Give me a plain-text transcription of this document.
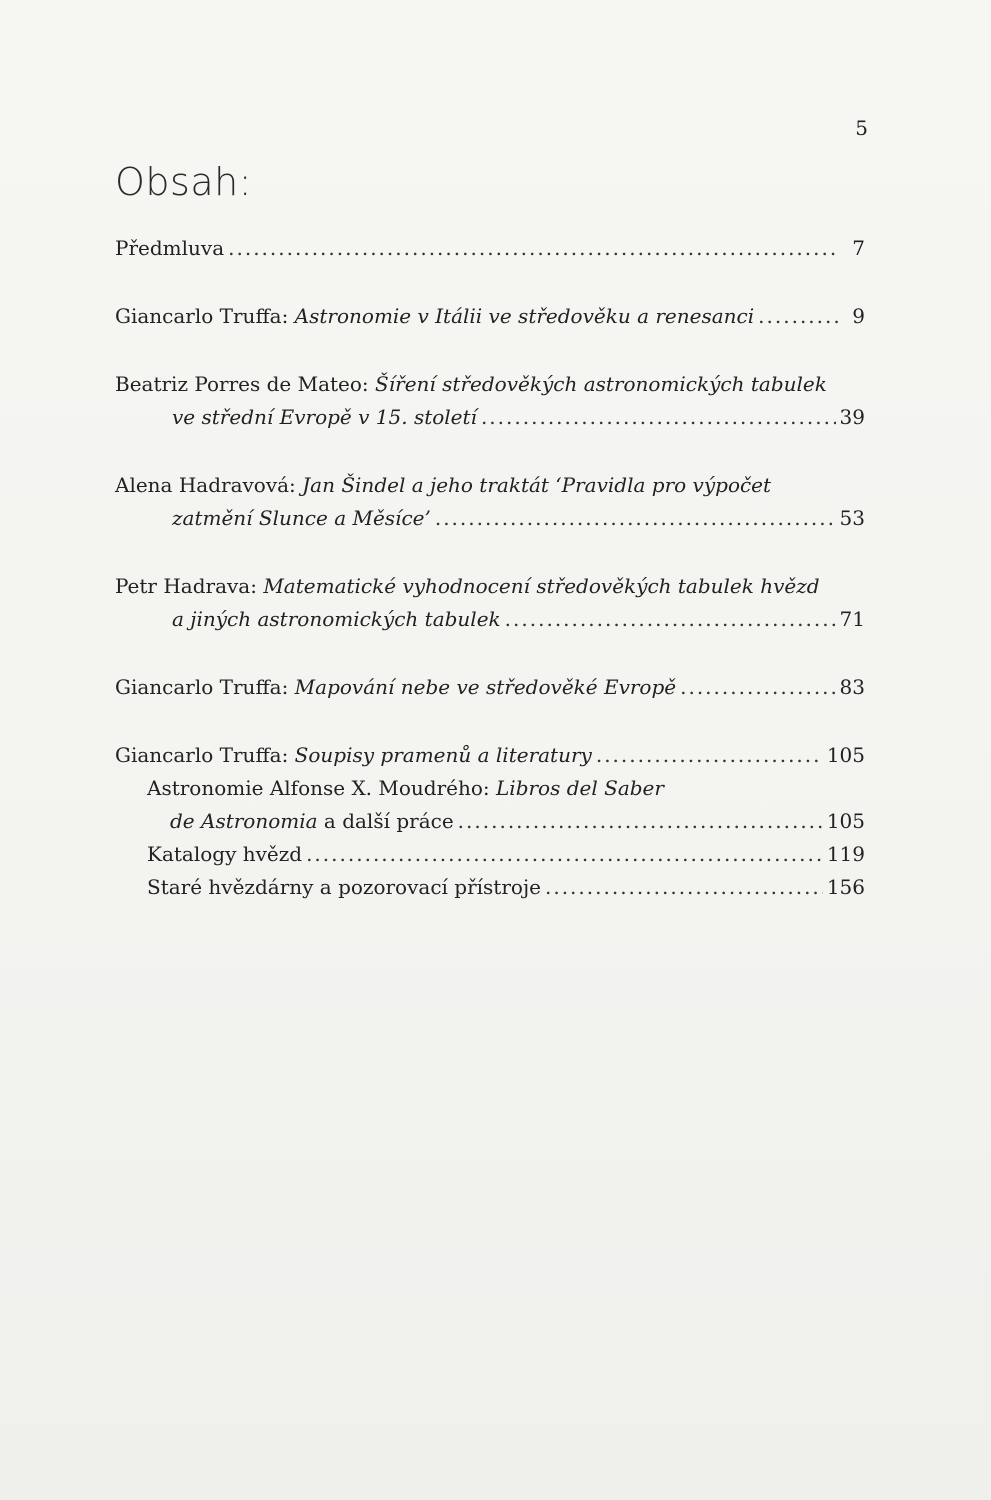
5
Obsah:
Předmluva .....	7
Giancarlo Truffa: Astronomie v Itálii ve středověku a renesanci .....	9
Beatriz Porres de Mateo: Šíření středověkých astronomických tabulek
ve střední Evropě v 15. století .....	39
Alena Hadravová: Jan Šindel a jeho traktát ‘Pravidla pro výpočet
zatmění Slunce a Měsíce’ .....	53
Petr Hadrava: Matematické vyhodnocení středověkých tabulek hvězd
a jiných astronomických tabulek .....	71
Giancarlo Truffa: Mapování nebe ve středověké Evropě .....	83
Giancarlo Truffa: Soupisy pramenů a literatury .....	105
Astronomie Alfonse X. Moudrého: Libros del Saber
de Astronomia a další práce .....	105
Katalogy hvězd .....	119
Staré hvězdárny a pozorovací přístroje .....	156
